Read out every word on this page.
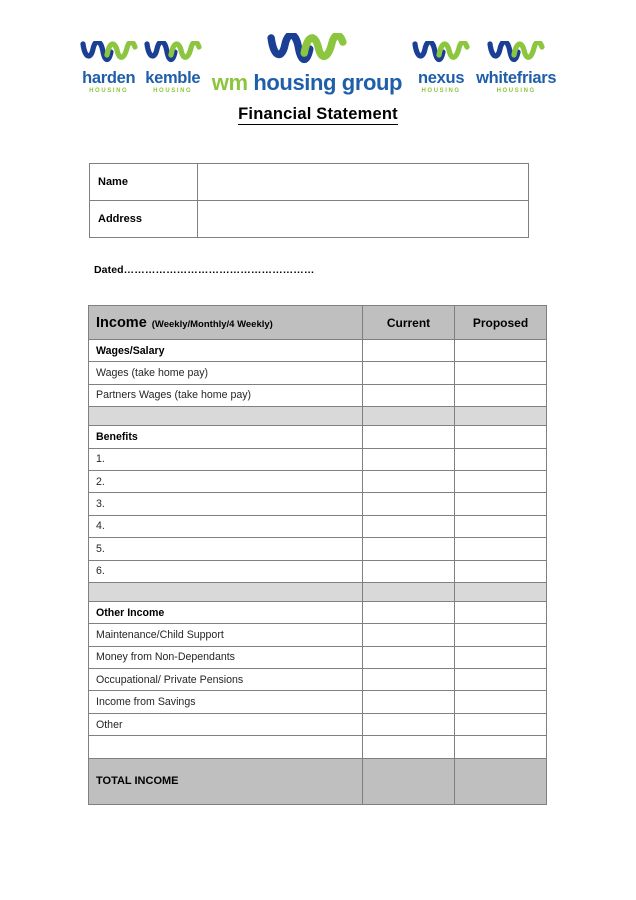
harden
HOUSING
kemble
HOUSING wm housing group nexus
HOUSING
whitefriars
HOUSING
Financial Statement
Name	
Address	
Dated………………………………………………
Income (Weekly/Monthly/4 Weekly)	Current	Proposed
Wages/Salary		
Wages (take home pay)		
Partners Wages (take home pay)		

Benefits		
1.		
2.		
3.		
4.		
5.		
6.		

Other Income		
Maintenance/Child Support		
Money from Non-Dependants		
Occupational/ Private Pensions		
Income from Savings		
Other		

TOTAL INCOME		
